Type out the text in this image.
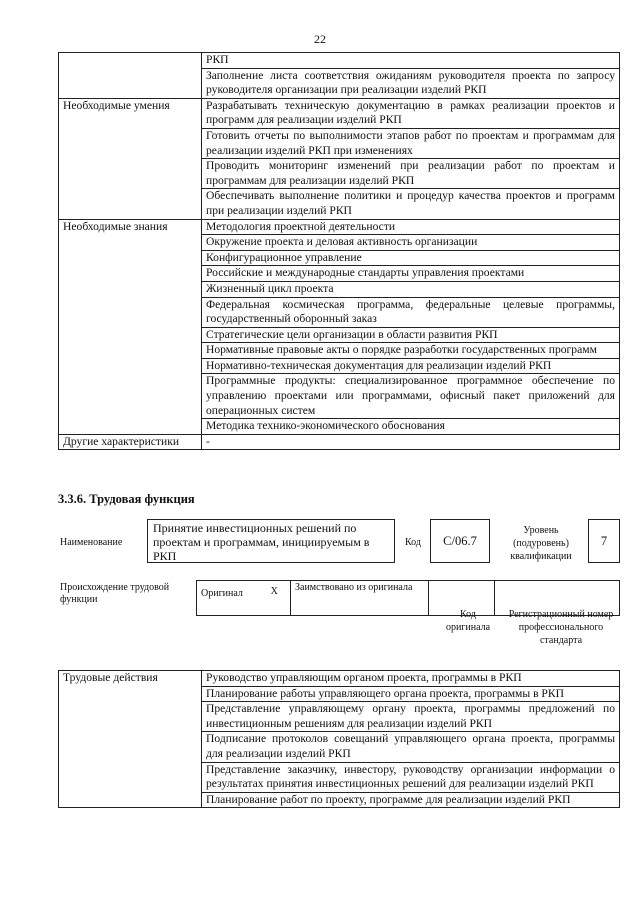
22
	РКП
	Заполнение листа соответствия ожиданиям руководителя проекта по запросу руководителя организации при реализации изделий РКП
Необходимые умения	Разрабатывать техническую документацию в рамках реализации проектов и программ для реализации изделий РКП
	Готовить отчеты по выполнимости этапов работ по проектам и программам для реализации изделий РКП при изменениях
	Проводить мониторинг изменений при реализации работ по проектам и программам для реализации изделий РКП
	Обеспечивать выполнение политики и процедур качества проектов и программ при реализации изделий РКП
Необходимые знания	Методология проектной деятельности
	Окружение проекта и деловая активность организации
	Конфигурационное управление
	Российские и международные стандарты управления проектами
	Жизненный цикл проекта
	Федеральная космическая программа, федеральные целевые программы, государственный оборонный заказ
	Стратегические цели организации в области развития РКП
	Нормативные правовые акты о порядке разработки государственных программ
	Нормативно-техническая документация для реализации изделий РКП
	Программные продукты: специализированное программное обеспечение по управлению проектами или программами, офисный пакет приложений для операционных систем
	Методика технико-экономического обоснования
Другие характеристики	-
3.3.6. Трудовая функция
Наименование
Принятие инвестиционных решений по проектам и программам, инициируемым в РКП
Код	С/06.7
Уровень (подуровень) квалификации
7
Происхождение трудовой функции
Оригинал	Х	Заимствовано из оригинала		
Код оригинала
Регистрационный номер профессионального стандарта
Трудовые действия	Руководство управляющим органом проекта, программы в РКП
Планирование работы управляющего органа проекта, программы в РКП
Представление управляющему органу проекта, программы предложений по инвестиционным решениям для реализации изделий РКП
Подписание протоколов совещаний управляющего органа проекта, программы для реализации изделий РКП
Представление заказчику, инвестору, руководству организации информации о результатах принятия инвестиционных решений для реализации изделий РКП
Планирование работ по проекту, программе для реализации изделий РКП
